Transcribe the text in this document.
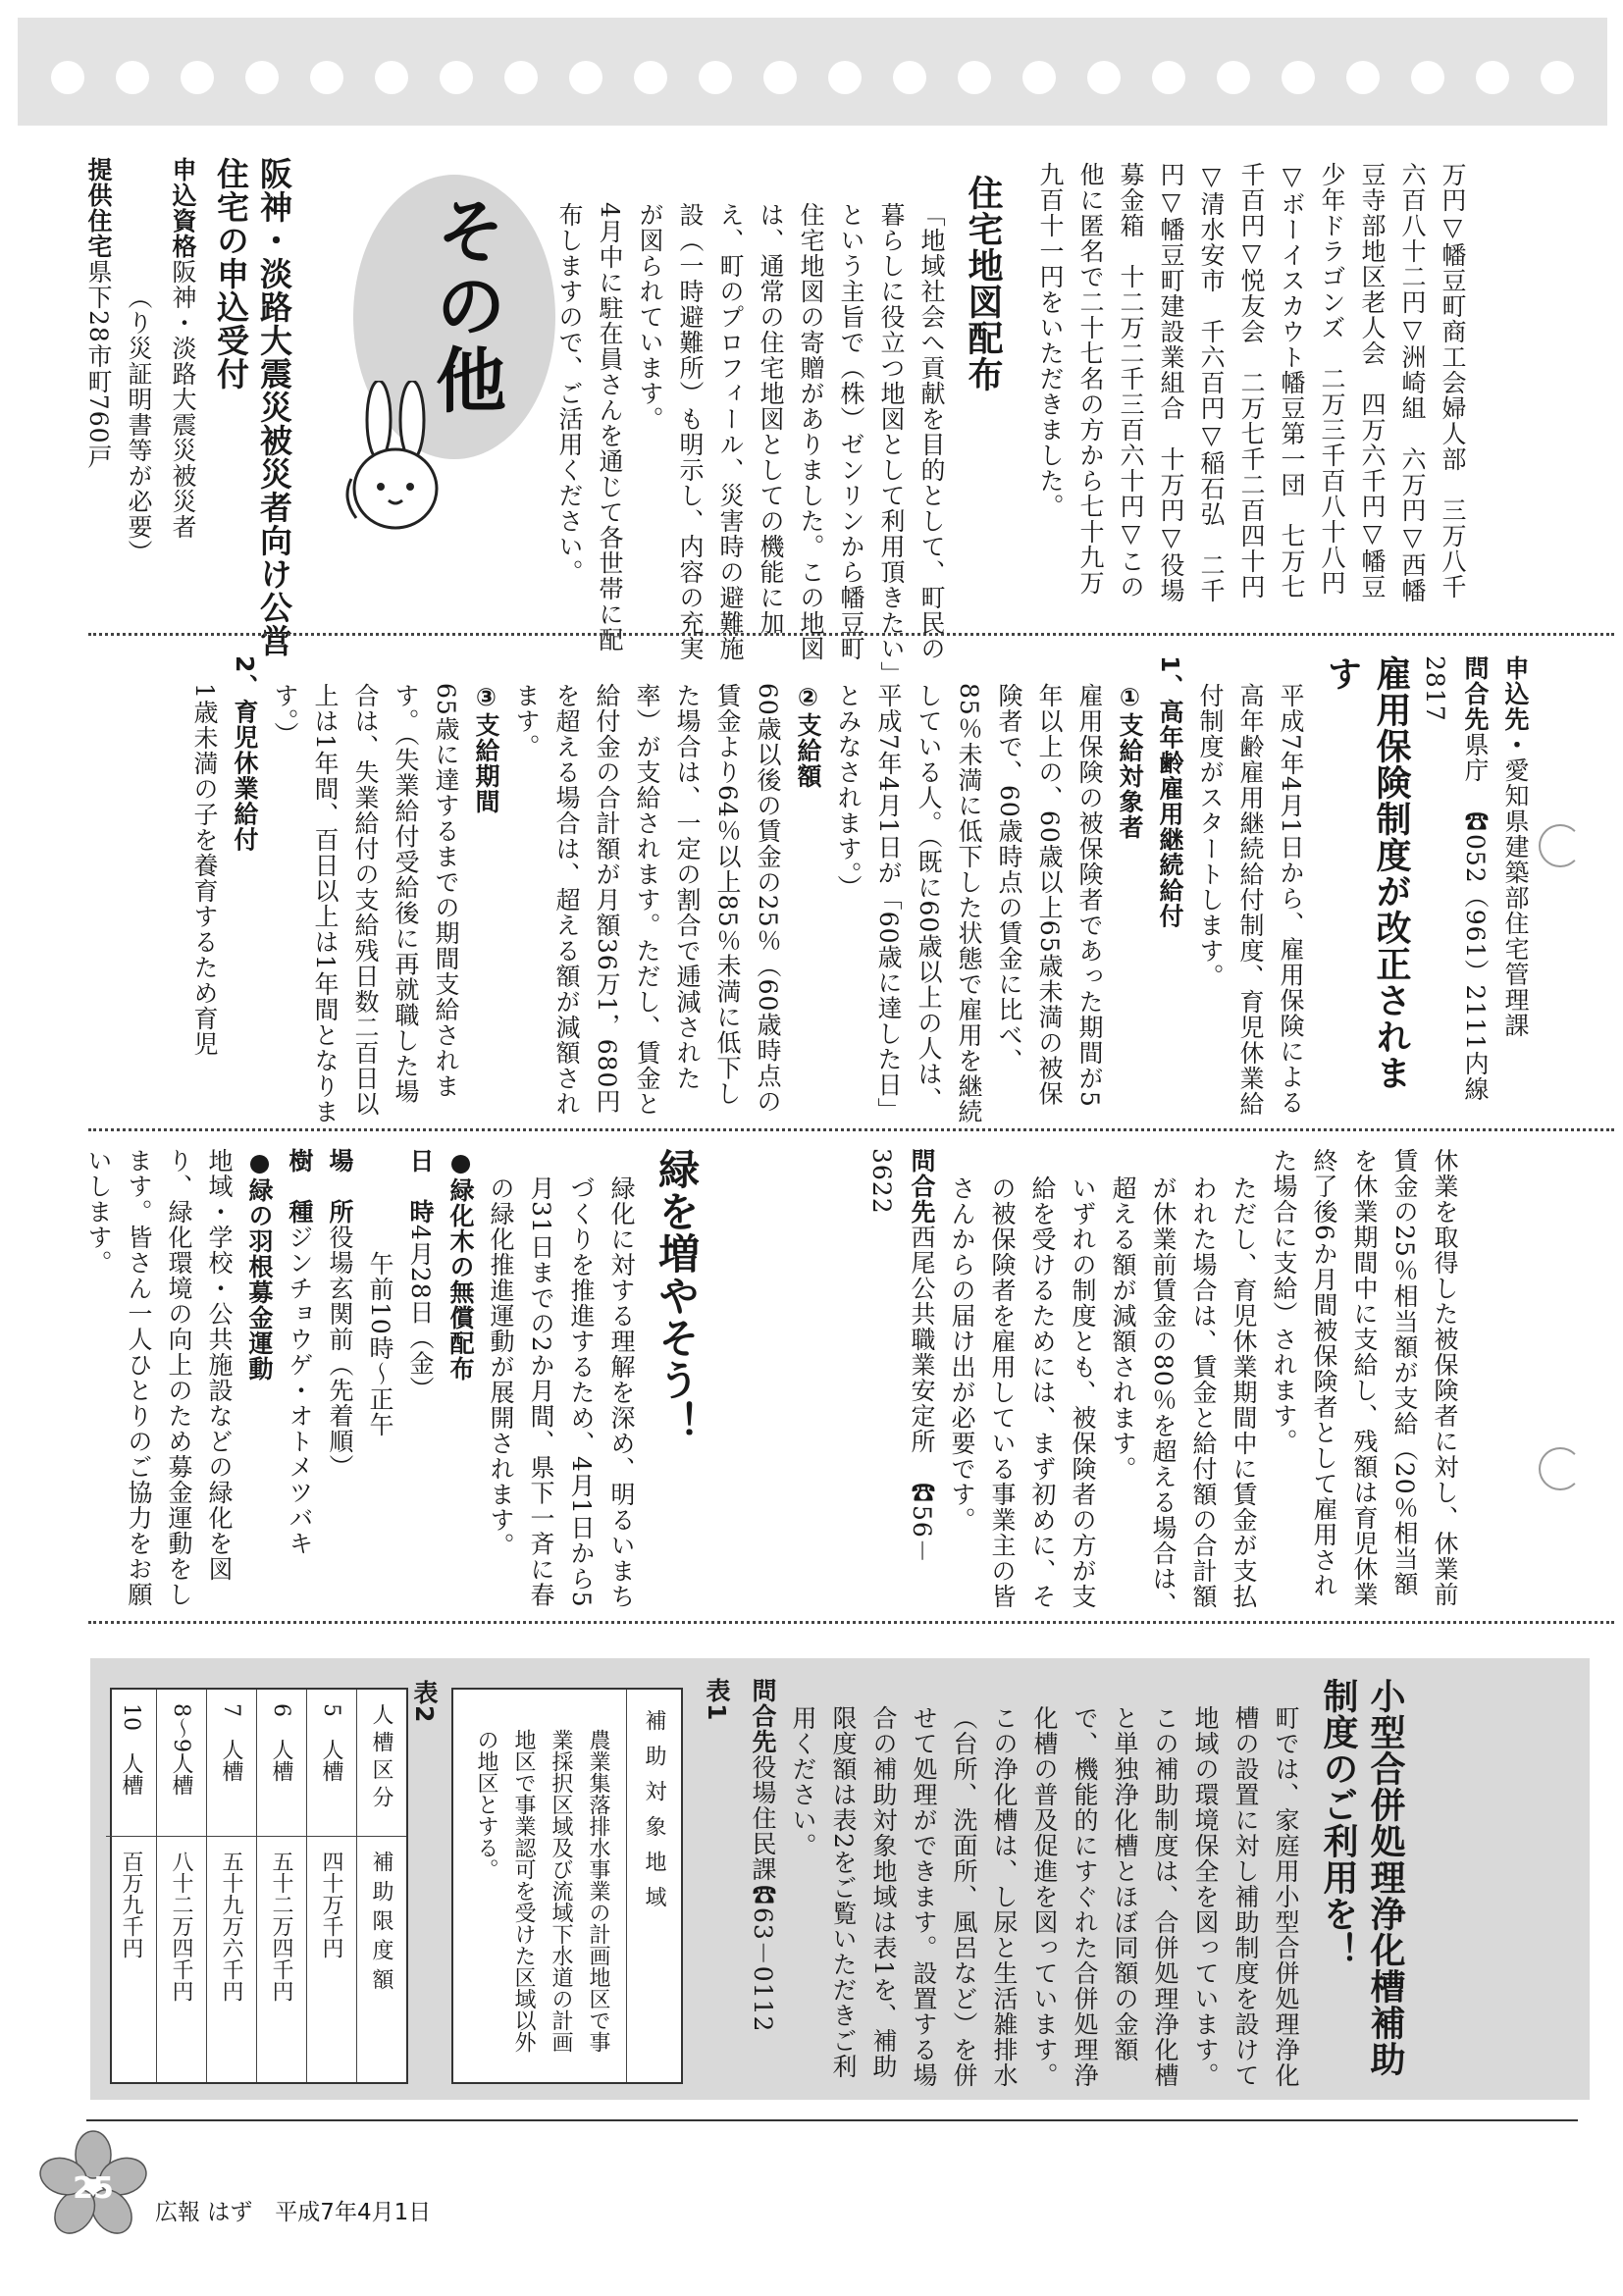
万円▽幡豆町商工会婦人部　三万八千

六百八十二円▽洲崎組　六万円▽西幡

豆寺部地区老人会　四万六千円▽幡豆

少年ドラゴンズ　二万三千百八十八円

▽ボーイスカウト幡豆第一団　七万七

千百円▽悦友会　二万七千二百四十円

▽清水安市　千六百円▽稲石弘　二千

円▽幡豆町建設業組合　十万円▽役場

募金箱　十二万二千三百六十円▽この

他に匿名で二十七名の方から七十九万

九百十一円をいただきました。

住宅地図配布

「地域社会へ貢献を目的として、町民の暮らしに役立つ地図として利用頂きたい」という主旨で（株）ゼンリンから幡豆町住宅地図の寄贈がありました。この地図は、通常の住宅地図としての機能に加え、町のプロフィール、災害時の避難施設（一時避難所）も明示し、内容の充実が図られています。

4月中に駐在員さんを通じて各世帯に配布しますので、ご活用ください。

その他
阪神・淡路大震災被災者向け公営住宅の申込受付

申込資格阪神・淡路大震災被災者

（り災証明書等が必要）

提供住宅県下28市町760戸

申込先・愛知県建築部住宅管理課

問合先県庁　☎052（961）2111内線2817

雇用保険制度が改正されます

平成7年4月1日から、雇用保険による高年齢雇用継続給付制度、育児休業給付制度がスタートします。

1、高年齢雇用継続給付

①支給対象者

雇用保険の被保険者であった期間が5年以上の、60歳以上65歳未満の被保険者で、60歳時点の賃金に比べ、85％未満に低下した状態で雇用を継続している人。（既に60歳以上の人は、平成7年4月1日が「60歳に達した日」とみなされます。）

②支給額

60歳以後の賃金の25％（60歳時点の賃金より64％以上85％未満に低下した場合は、一定の割合で逓減された率）が支給されます。ただし、賃金と給付金の合計額が月額36万1，680円を超える場合は、超える額が減額されます。

③支給期間

65歳に達するまでの期間支給されます。（失業給付受給後に再就職した場合は、失業給付の支給残日数二百日以上は1年間、百日以上は1年間となります。）

2、育児休業給付

1歳未満の子を養育するため育児

休業を取得した被保険者に対し、休業前賃金の25％相当額が支給（20％相当額を休業期間中に支給し、残額は育児休業終了後6か月間被保険者として雇用された場合に支給）されます。

ただし、育児休業期間中に賃金が支払われた場合は、賃金と給付額の合計額が休業前賃金の80％を超える場合は、超える額が減額されます。

いずれの制度とも、被保険者の方が支給を受けるためには、まず初めに、その被保険者を雇用している事業主の皆さんからの届け出が必要です。

問合先西尾公共職業安定所　☎56－3622

緑を増やそう！

緑化に対する理解を深め、明るいまちづくりを推進するため、4月1日から5月31日までの2か月間、県下一斉に春の緑化推進運動が展開されます。

●緑化木の無償配布

日　時4月28日（金）

午前10時～正午

場　所役場玄関前（先着順）

樹　種ジンチョウゲ・オトメツバキ

●緑の羽根募金運動

地域・学校・公共施設などの緑化を図り、緑化環境の向上のため募金運動をします。皆さん一人ひとりのご協力をお願いします。

小型合併処理浄化槽補助制度のご利用を！

町では、家庭用小型合併処理浄化槽の設置に対し補助制度を設けて地域の環境保全を図っています。

この補助制度は、合併処理浄化槽と単独浄化槽とほぼ同額の金額で、機能的にすぐれた合併処理浄化槽の普及促進を図っています。この浄化槽は、し尿と生活雑排水（台所、洗面所、風呂など）を併せて処理ができます。設置する場合の補助対象地域は表1を、補助限度額は表2をご覧いただきご利用ください。

問合先役場住民課☎63－0112

表1

補助対象地域
農業集落排水事業の計画地区で事業採択区域及び流域下水道の計画地区で事業認可を受けた区域以外の地区とする。

表2

人槽区分
補助限度額
5　人槽
四十万千円
6　人槽
五十二万四千円
7　人槽
五十九万六千円
8～9人槽
八十二万四千円
10　人槽
百万九千円
25
広報 はず　平成7年4月1日
